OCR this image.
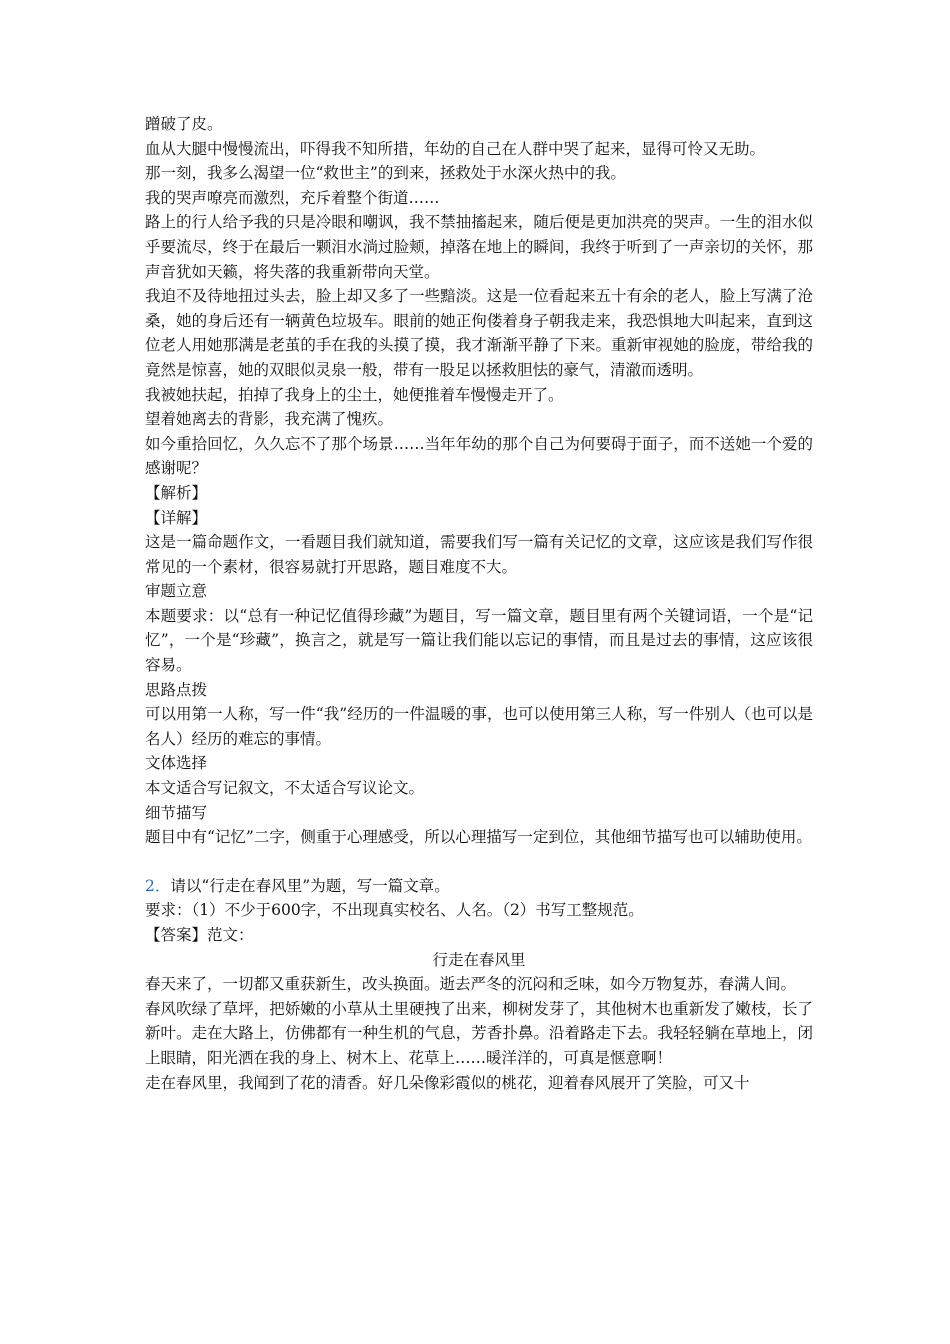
蹭破了皮。

血从大腿中慢慢流出，吓得我不知所措，年幼的自己在人群中哭了起来，显得可怜又无助。

那一刻，我多么渴望一位“救世主”的到来，拯救处于水深火热中的我。

我的哭声嘹亮而激烈，充斥着整个街道……

路上的行人给予我的只是冷眼和嘲讽，我不禁抽搐起来，随后便是更加洪亮的哭声。一生的泪水似乎要流尽，终于在最后一颗泪水淌过脸颊，掉落在地上的瞬间，我终于听到了一声亲切的关怀，那声音犹如天籁，将失落的我重新带向天堂。

我迫不及待地扭过头去，脸上却又多了一些黯淡。这是一位看起来五十有余的老人，脸上写满了沧桑，她的身后还有一辆黄色垃圾车。眼前的她正佝偻着身子朝我走来，我恐惧地大叫起来，直到这位老人用她那满是老茧的手在我的头摸了摸，我才渐渐平静了下来。重新审视她的脸庞，带给我的竟然是惊喜，她的双眼似灵泉一般，带有一股足以拯救胆怯的豪气，清澈而透明。

我被她扶起，拍掉了我身上的尘土，她便推着车慢慢走开了。

望着她离去的背影，我充满了愧疚。

如今重拾回忆，久久忘不了那个场景……当年年幼的那个自己为何要碍于面子，而不送她一个爱的感谢呢？

【解析】

【详解】

这是一篇命题作文，一看题目我们就知道，需要我们写一篇有关记忆的文章，这应该是我们写作很常见的一个素材，很容易就打开思路，题目难度不大。

审题立意

本题要求：以“总有一种记忆值得珍藏”为题目，写一篇文章，题目里有两个关键词语，一个是“记忆”，一个是“珍藏”，换言之，就是写一篇让我们能以忘记的事情，而且是过去的事情，这应该很容易。

思路点拨

可以用第一人称，写一件“我”经历的一件温暖的事，也可以使用第三人称，写一件别人（也可以是名人）经历的难忘的事情。

文体选择

本文适合写记叙文，不太适合写议论文。

细节描写

题目中有“记忆”二字，侧重于心理感受，所以心理描写一定到位，其他细节描写也可以辅助使用。

2．请以“行走在春风里”为题，写一篇文章。

要求：（1）不少于600字，不出现真实校名、人名。（2）书写工整规范。

【答案】范文：

行走在春风里

春天来了，一切都又重获新生，改头换面。逝去严冬的沉闷和乏味，如今万物复苏，春满人间。

春风吹绿了草坪，把娇嫩的小草从土里硬拽了出来，柳树发芽了，其他树木也重新发了嫩枝，长了新叶。走在大路上，仿佛都有一种生机的气息，芳香扑鼻。沿着路走下去。我轻轻躺在草地上，闭上眼睛，阳光洒在我的身上、树木上、花草上……暖洋洋的，可真是惬意啊！

走在春风里，我闻到了花的清香。好几朵像彩霞似的桃花，迎着春风展开了笑脸，可又十
